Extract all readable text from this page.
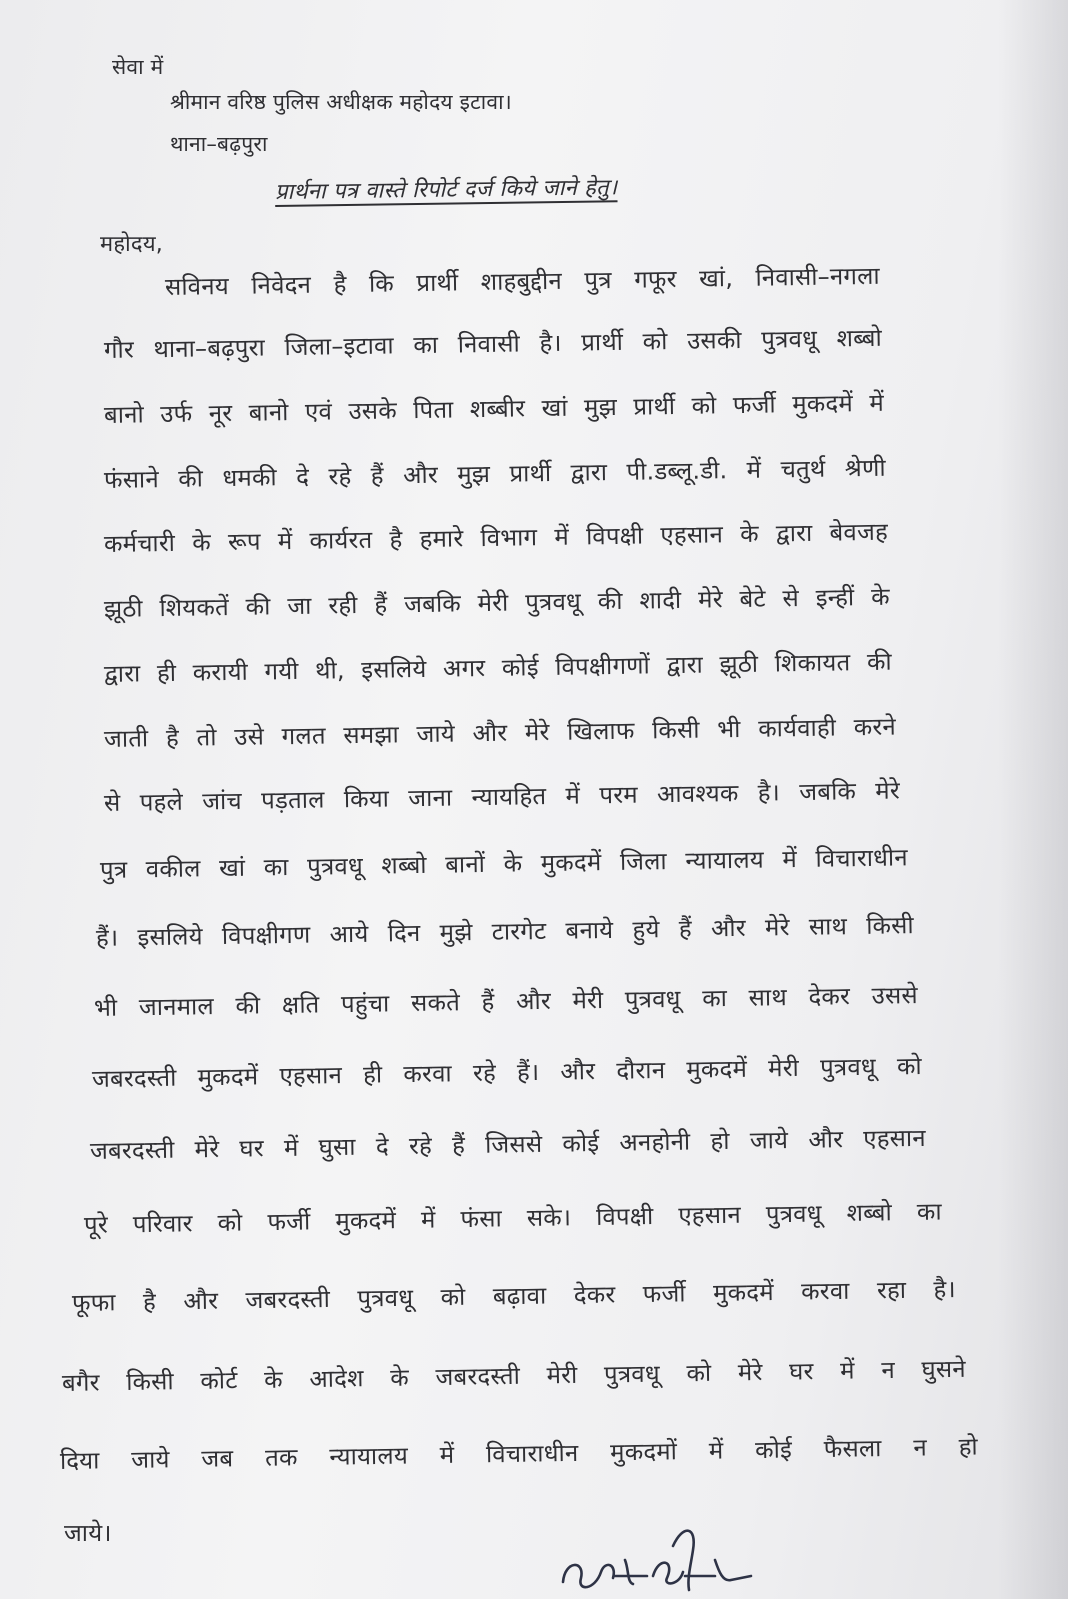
सेवा में
श्रीमान वरिष्ठ पुलिस अधीक्षक महोदय इटावा।
थाना–बढ़पुरा
प्रार्थना पत्र वास्ते रिपोर्ट दर्ज किये जाने हेतु।
महोदय,
सविनय निवेदन है कि प्रार्थी शाहबुद्दीन पुत्र गफूर खां, निवासी–नगला
गौर थाना–बढ़पुरा जिला–इटावा का निवासी है। प्रार्थी को उसकी पुत्रवधू शब्बो
बानो उर्फ नूर बानो एवं उसके पिता शब्बीर खां मुझ प्रार्थी को फर्जी मुकदमें में
फंसाने की धमकी दे रहे हैं और मुझ प्रार्थी द्वारा पी.डब्लू.डी. में चतुर्थ श्रेणी
कर्मचारी के रूप में कार्यरत है हमारे विभाग में विपक्षी एहसान के द्वारा बेवजह
झूठी शियकतें की जा रही हैं जबकि मेरी पुत्रवधू की शादी मेरे बेटे से इन्हीं के
द्वारा ही करायी गयी थी, इसलिये अगर कोई विपक्षीगणों द्वारा झूठी शिकायत की
जाती है तो उसे गलत समझा जाये और मेरे खिलाफ किसी भी कार्यवाही करने
से पहले जांच पड़ताल किया जाना न्यायहित में परम आवश्यक है। जबकि मेरे
पुत्र वकील खां का पुत्रवधू शब्बो बानों के मुकदमें जिला न्यायालय में विचाराधीन
हैं। इसलिये विपक्षीगण आये दिन मुझे टारगेट बनाये हुये हैं और मेरे साथ किसी
भी जानमाल की क्षति पहुंचा सकते हैं और मेरी पुत्रवधू का साथ देकर उससे
जबरदस्ती मुकदमें एहसान ही करवा रहे हैं। और दौरान मुकदमें मेरी पुत्रवधू को
जबरदस्ती मेरे घर में घुसा दे रहे हैं जिससे कोई अनहोनी हो जाये और एहसान
पूरे परिवार को फर्जी मुकदमें में फंसा सके। विपक्षी एहसान पुत्रवधू शब्बो का
फूफा है और जबरदस्ती पुत्रवधू को बढ़ावा देकर फर्जी मुकदमें करवा रहा है।
बगैर किसी कोर्ट के आदेश के जबरदस्ती मेरी पुत्रवधू को मेरे घर में न घुसने
दिया जाये जब तक न्यायालय में विचाराधीन मुकदमों में कोई फैसला न हो
जाये।
